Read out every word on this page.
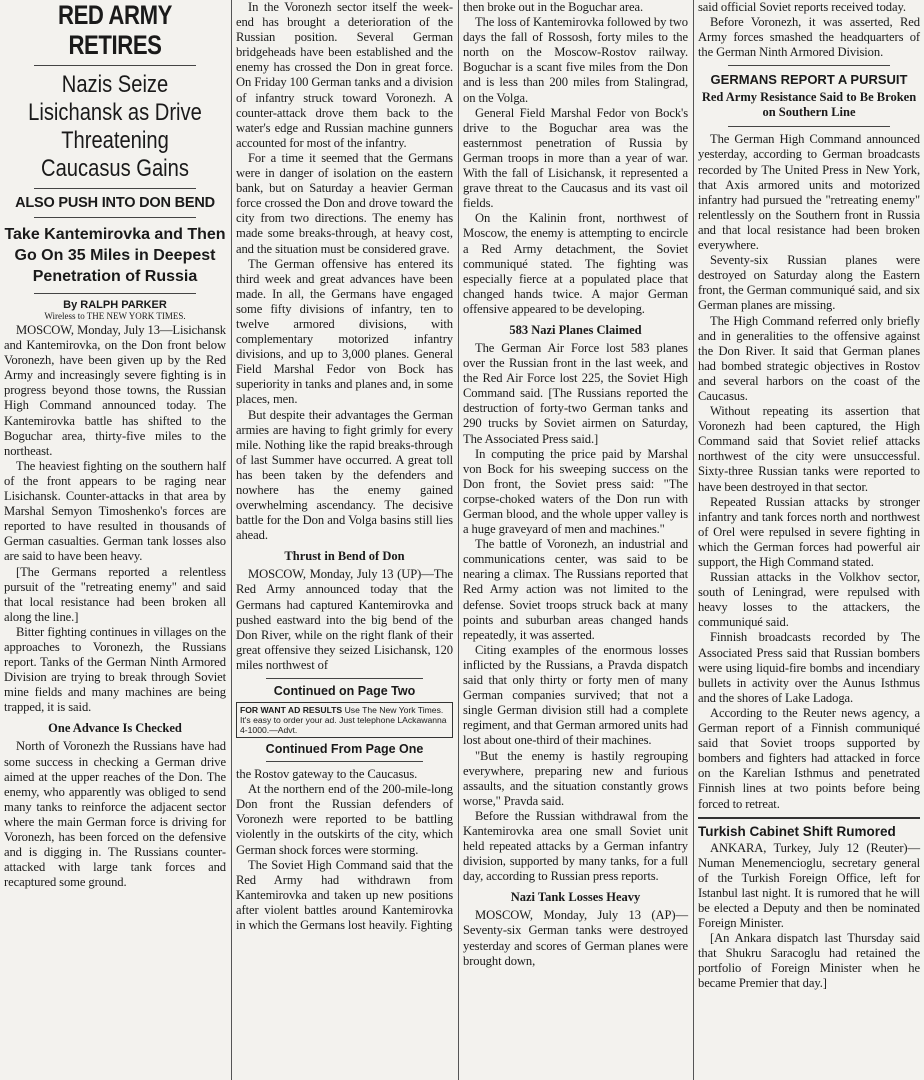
RED ARMY RETIRES
Nazis Seize Lisichansk as Drive Threatening Caucasus Gains
ALSO PUSH INTO DON BEND
Take Kantemirovka and Then Go On 35 Miles in Deepest Penetration of Russia
By RALPH PARKER
Wireless to THE NEW YORK TIMES.

MOSCOW, Monday, July 13—Lisichansk and Kantemirovka, on the Don front below Voronezh, have been given up by the Red Army and increasingly severe fighting is in progress beyond those towns, the Russian High Command announced today. The Kantemirovka battle has shifted to the Boguchar area, thirty-five miles to the northeast.

The heaviest fighting on the southern half of the front appears to be raging near Lisichansk. Counter-attacks in that area by Marshal Semyon Timoshenko's forces are reported to have resulted in thousands of German casualties. German tank losses also are said to have been heavy.

[The Germans reported a relentless pursuit of the "retreating enemy" and said that local resistance had been broken all along the line.]

Bitter fighting continues in villages on the approaches to Voronezh, the Russians report. Tanks of the German Ninth Armored Division are trying to break through Soviet mine fields and many machines are being trapped, it is said.

One Advance Is Checked

North of Voronezh the Russians have had some success in checking a German drive aimed at the upper reaches of the Don. The enemy, who apparently was obliged to send many tanks to reinforce the adjacent sector where the main German force is driving for Voronezh, has been forced on the defensive and is digging in. The Russians counter-attacked with large tank forces and recaptured some ground.

In the Voronezh sector itself the week-end has brought a deterioration of the Russian position. Several German bridgeheads have been established and the enemy has crossed the Don in great force. On Friday 100 German tanks and a division of infantry struck toward Voronezh. A counter-attack drove them back to the water's edge and Russian machine gunners accounted for most of the infantry.

For a time it seemed that the Germans were in danger of isolation on the eastern bank, but on Saturday a heavier German force crossed the Don and drove toward the city from two directions. The enemy has made some breaks-through, at heavy cost, and the situation must be considered grave.

The German offensive has entered its third week and great advances have been made. In all, the Germans have engaged some fifty divisions of infantry, ten to twelve armored divisions, with complementary motorized infantry divisions, and up to 3,000 planes. General Field Marshal Fedor von Bock has superiority in tanks and planes and, in some places, men.

But despite their advantages the German armies are having to fight grimly for every mile. Nothing like the rapid breaks-through of last Summer have occurred. A great toll has been taken by the defenders and nowhere has the enemy gained overwhelming ascendancy. The decisive battle for the Don and Volga basins still lies ahead.

Thrust in Bend of Don

MOSCOW, Monday, July 13 (UP)—The Red Army announced today that the Germans had captured Kantemirovka and pushed eastward into the big bend of the Don River, while on the right flank of their great offensive they seized Lisichansk, 120 miles northwest of

Continued on Page Two
FOR WANT AD RESULTS Use The New York Times. It's easy to order your ad. Just telephone LAckawanna 4-1000.—Advt.
Continued From Page One

the Rostov gateway to the Caucasus.

At the northern end of the 200-mile-long Don front the Russian defenders of Voronezh were reported to be battling violently in the outskirts of the city, which German shock forces were storming.

The Soviet High Command said that the Red Army had withdrawn from Kantemirovka and taken up new positions after violent battles around Kantemirovka in which the Germans lost heavily. Fighting

then broke out in the Boguchar area.

The loss of Kantemirovka followed by two days the fall of Rossosh, forty miles to the north on the Moscow-Rostov railway. Boguchar is a scant five miles from the Don and is less than 200 miles from Stalingrad, on the Volga.

General Field Marshal Fedor von Bock's drive to the Boguchar area was the easternmost penetration of Russia by German troops in more than a year of war. With the fall of Lisichansk, it represented a grave threat to the Caucasus and its vast oil fields.

On the Kalinin front, northwest of Moscow, the enemy is attempting to encircle a Red Army detachment, the Soviet communiqué stated. The fighting was especially fierce at a populated place that changed hands twice. A major German offensive appeared to be developing.

583 Nazi Planes Claimed

The German Air Force lost 583 planes over the Russian front in the last week, and the Red Air Force lost 225, the Soviet High Command said. [The Russians reported the destruction of forty-two German tanks and 290 trucks by Soviet airmen on Saturday, The Associated Press said.]

In computing the price paid by Marshal von Bock for his sweeping success on the Don front, the Soviet press said: "The corpse-choked waters of the Don run with German blood, and the whole upper valley is a huge graveyard of men and machines."

The battle of Voronezh, an industrial and communications center, was said to be nearing a climax. The Russians reported that Red Army action was not limited to the defense. Soviet troops struck back at many points and suburban areas changed hands repeatedly, it was asserted.

Citing examples of the enormous losses inflicted by the Russians, a Pravda dispatch said that only thirty or forty men of many German companies survived; that not a single German division still had a complete regiment, and that German armored units had lost about one-third of their machines.

"But the enemy is hastily regrouping everywhere, preparing new and furious assaults, and the situation constantly grows worse," Pravda said.

Before the Russian withdrawal from the Kantemirovka area one small Soviet unit held repeated attacks by a German infantry division, supported by many tanks, for a full day, according to Russian press reports.

Nazi Tank Losses Heavy

MOSCOW, Monday, July 13 (AP)—Seventy-six German tanks were destroyed yesterday and scores of German planes were brought down,

said official Soviet reports received today.

Before Voronezh, it was asserted, Red Army forces smashed the headquarters of the German Ninth Armored Division.

GERMANS REPORT A PURSUIT
Red Army Resistance Said to Be Broken on Southern Line

The German High Command announced yesterday, according to German broadcasts recorded by The United Press in New York, that Axis armored units and motorized infantry had pursued the "retreating enemy" relentlessly on the Southern front in Russia and that local resistance had been broken everywhere.

Seventy-six Russian planes were destroyed on Saturday along the Eastern front, the German communiqué said, and six German planes are missing.

The High Command referred only briefly and in generalities to the offensive against the Don River. It said that German planes had bombed strategic objectives in Rostov and several harbors on the coast of the Caucasus.

Without repeating its assertion that Voronezh had been captured, the High Command said that Soviet relief attacks northwest of the city were unsuccessful. Sixty-three Russian tanks were reported to have been destroyed in that sector.

Repeated Russian attacks by stronger infantry and tank forces north and northwest of Orel were repulsed in severe fighting in which the German forces had powerful air support, the High Command stated.

Russian attacks in the Volkhov sector, south of Leningrad, were repulsed with heavy losses to the attackers, the communiqué said.

Finnish broadcasts recorded by The Associated Press said that Russian bombers were using liquid-fire bombs and incendiary bullets in activity over the Aunus Isthmus and the shores of Lake Ladoga.

According to the Reuter news agency, a German report of a Finnish communiqué said that Soviet troops supported by bombers and fighters had attacked in force on the Karelian Isthmus and penetrated Finnish lines at two points before being forced to retreat.

Turkish Cabinet Shift Rumored

ANKARA, Turkey, July 12 (Reuter)—Numan Menemencioglu, secretary general of the Turkish Foreign Office, left for Istanbul last night. It is rumored that he will be elected a Deputy and then be nominated Foreign Minister.

[An Ankara dispatch last Thursday said that Shukru Saracoglu had retained the portfolio of Foreign Minister when he became Premier that day.]
